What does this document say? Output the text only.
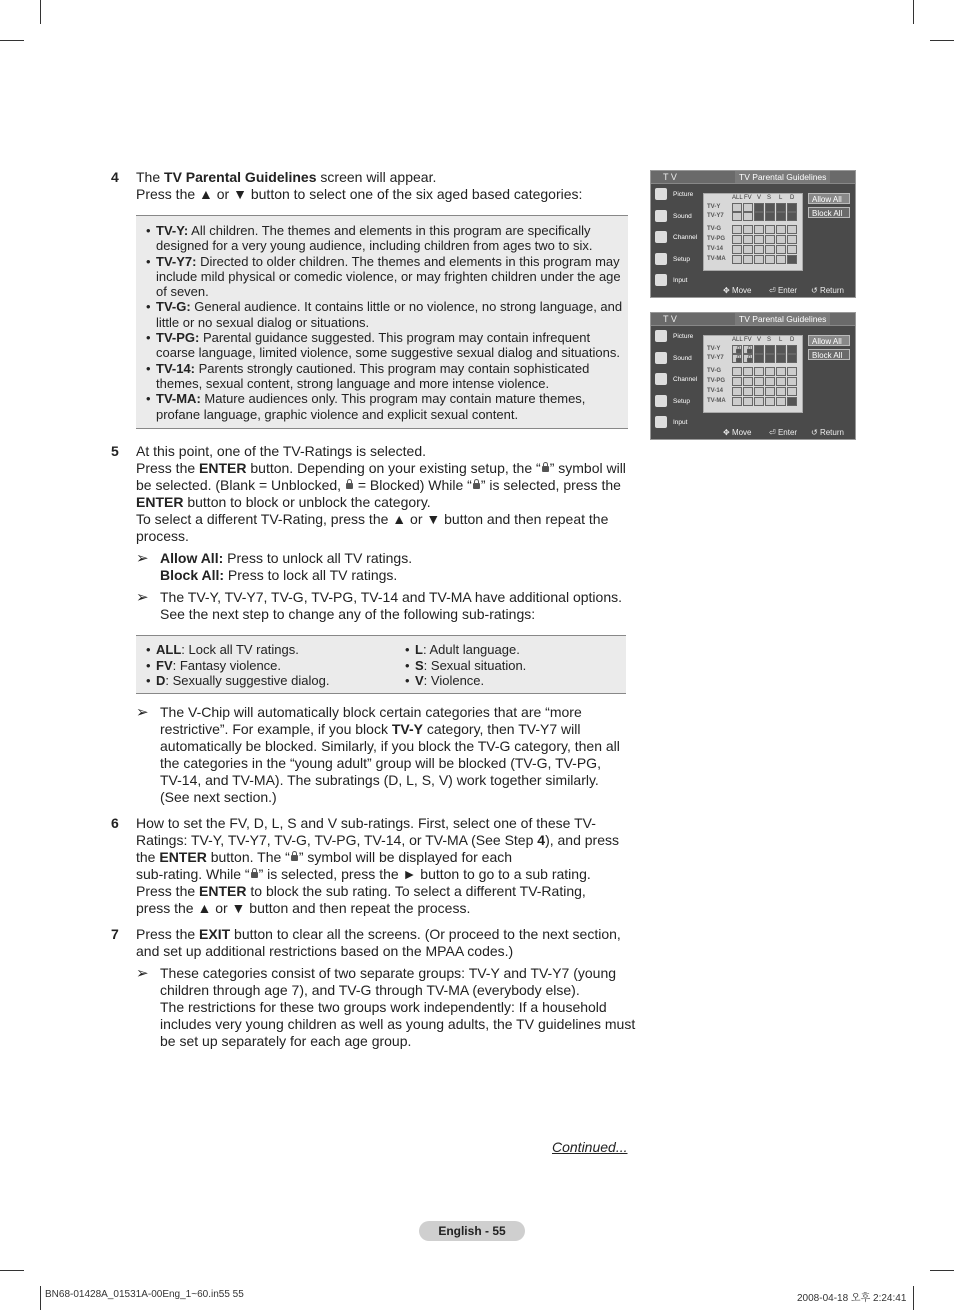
4 The TV Parental Guidelines screen will appear.

Press the ▲ or ▼ button to select one of the six aged based categories:

• TV-Y: All children. The themes and elements in this program are specifically designed for a very young audience, including children from ages two to six.

• TV-Y7: Directed to older children. The themes and elements in this program may include mild physical or comedic violence, or may frighten children under the age of seven.

• TV-G: General audience. It contains little or no violence, no strong language, and little or no sexual dialog or situations.

• TV-PG: Parental guidance suggested. This program may contain infrequent coarse language, limited violence, some suggestive sexual dialog and situations.

• TV-14: Parents strongly cautioned. This program may contain sophisticated themes, sexual content, strong language and more intense violence.

• TV-MA: Mature audiences only. This program may contain mature themes, profane language, graphic violence and explicit sexual content.

5 At this point, one of the TV-Ratings is selected.

Press the ENTER button. Depending on your existing setup, the “ ” symbol will

be selected. (Blank = Unblocked,  = Blocked) While “ ” is selected, press the

ENTER button to block or unblock the category.

To select a different TV-Rating, press the ▲ or ▼ button and then repeat the

process.

➢ Allow All: Press to unlock all TV ratings.
Block All: Press to lock all TV ratings.
➢ The TV-Y, TV-Y7, TV-G, TV-PG, TV-14 and TV-MA have additional options.
See the next step to change any of the following sub-ratings:

• ALL: Lock all TV ratings.

• FV: Fantasy violence.

• D: Sexually suggestive dialog.

• L: Adult language.

• S: Sexual situation.

• V: Violence.

➢ The V-Chip will automatically block certain categories that are “more
restrictive”. For example, if you block TV-Y category, then TV-Y7 will
automatically be blocked. Similarly, if you block the TV-G category, then all
the categories in the “young adult” group will be blocked (TV-G, TV-PG,
TV-14, and TV-MA). The subratings (D, L, S, V) work together similarly.
(See next section.)
6 How to set the FV, D, L, S and V sub-ratings. First, select one of these TV-

Ratings: TV-Y, TV-Y7, TV-G, TV-PG, TV-14, or TV-MA (See Step 4), and press

the ENTER button. The “ ” symbol will be displayed for each

sub-rating. While “ ” is selected, press the ► button to go to a sub rating.

Press the ENTER to block the sub rating. To select a different TV-Rating,

press the ▲ or ▼ button and then repeat the process.

7 Press the EXIT button to clear all the screens. (Or proceed to the next section,

and set up additional restrictions based on the MPAA codes.)

➢ These categories consist of two separate groups: TV-Y and TV-Y7 (young
children through age 7), and TV-G through TV-MA (everybody else).
The restrictions for these two groups work independently: If a household
includes very young children as well as young adults, the TV guidelines must
be set up separately for each age group.
Continued...
English - 55
BN68-01428A_01531A-00Eng_1~60.in55 55	2008-04-18 오후 2:24:41
T V	TV Parental Guidelines
Picture
Sound
Channel
Setup
Input
ALL FV V S L D
TV-Y
TV-Y7
TV-G
TV-PG
TV-14
TV-MA
Allow All
Block All
✥ Move ⏎ Enter ↺ Return
T V	TV Parental Guidelines
Picture
Sound
Channel
Setup
Input
ALL FV V S L D
TV-Y
TV-Y7
TV-G
TV-PG
TV-14
TV-MA
Allow All
Block All
✥ Move ⏎ Enter ↺ Return
